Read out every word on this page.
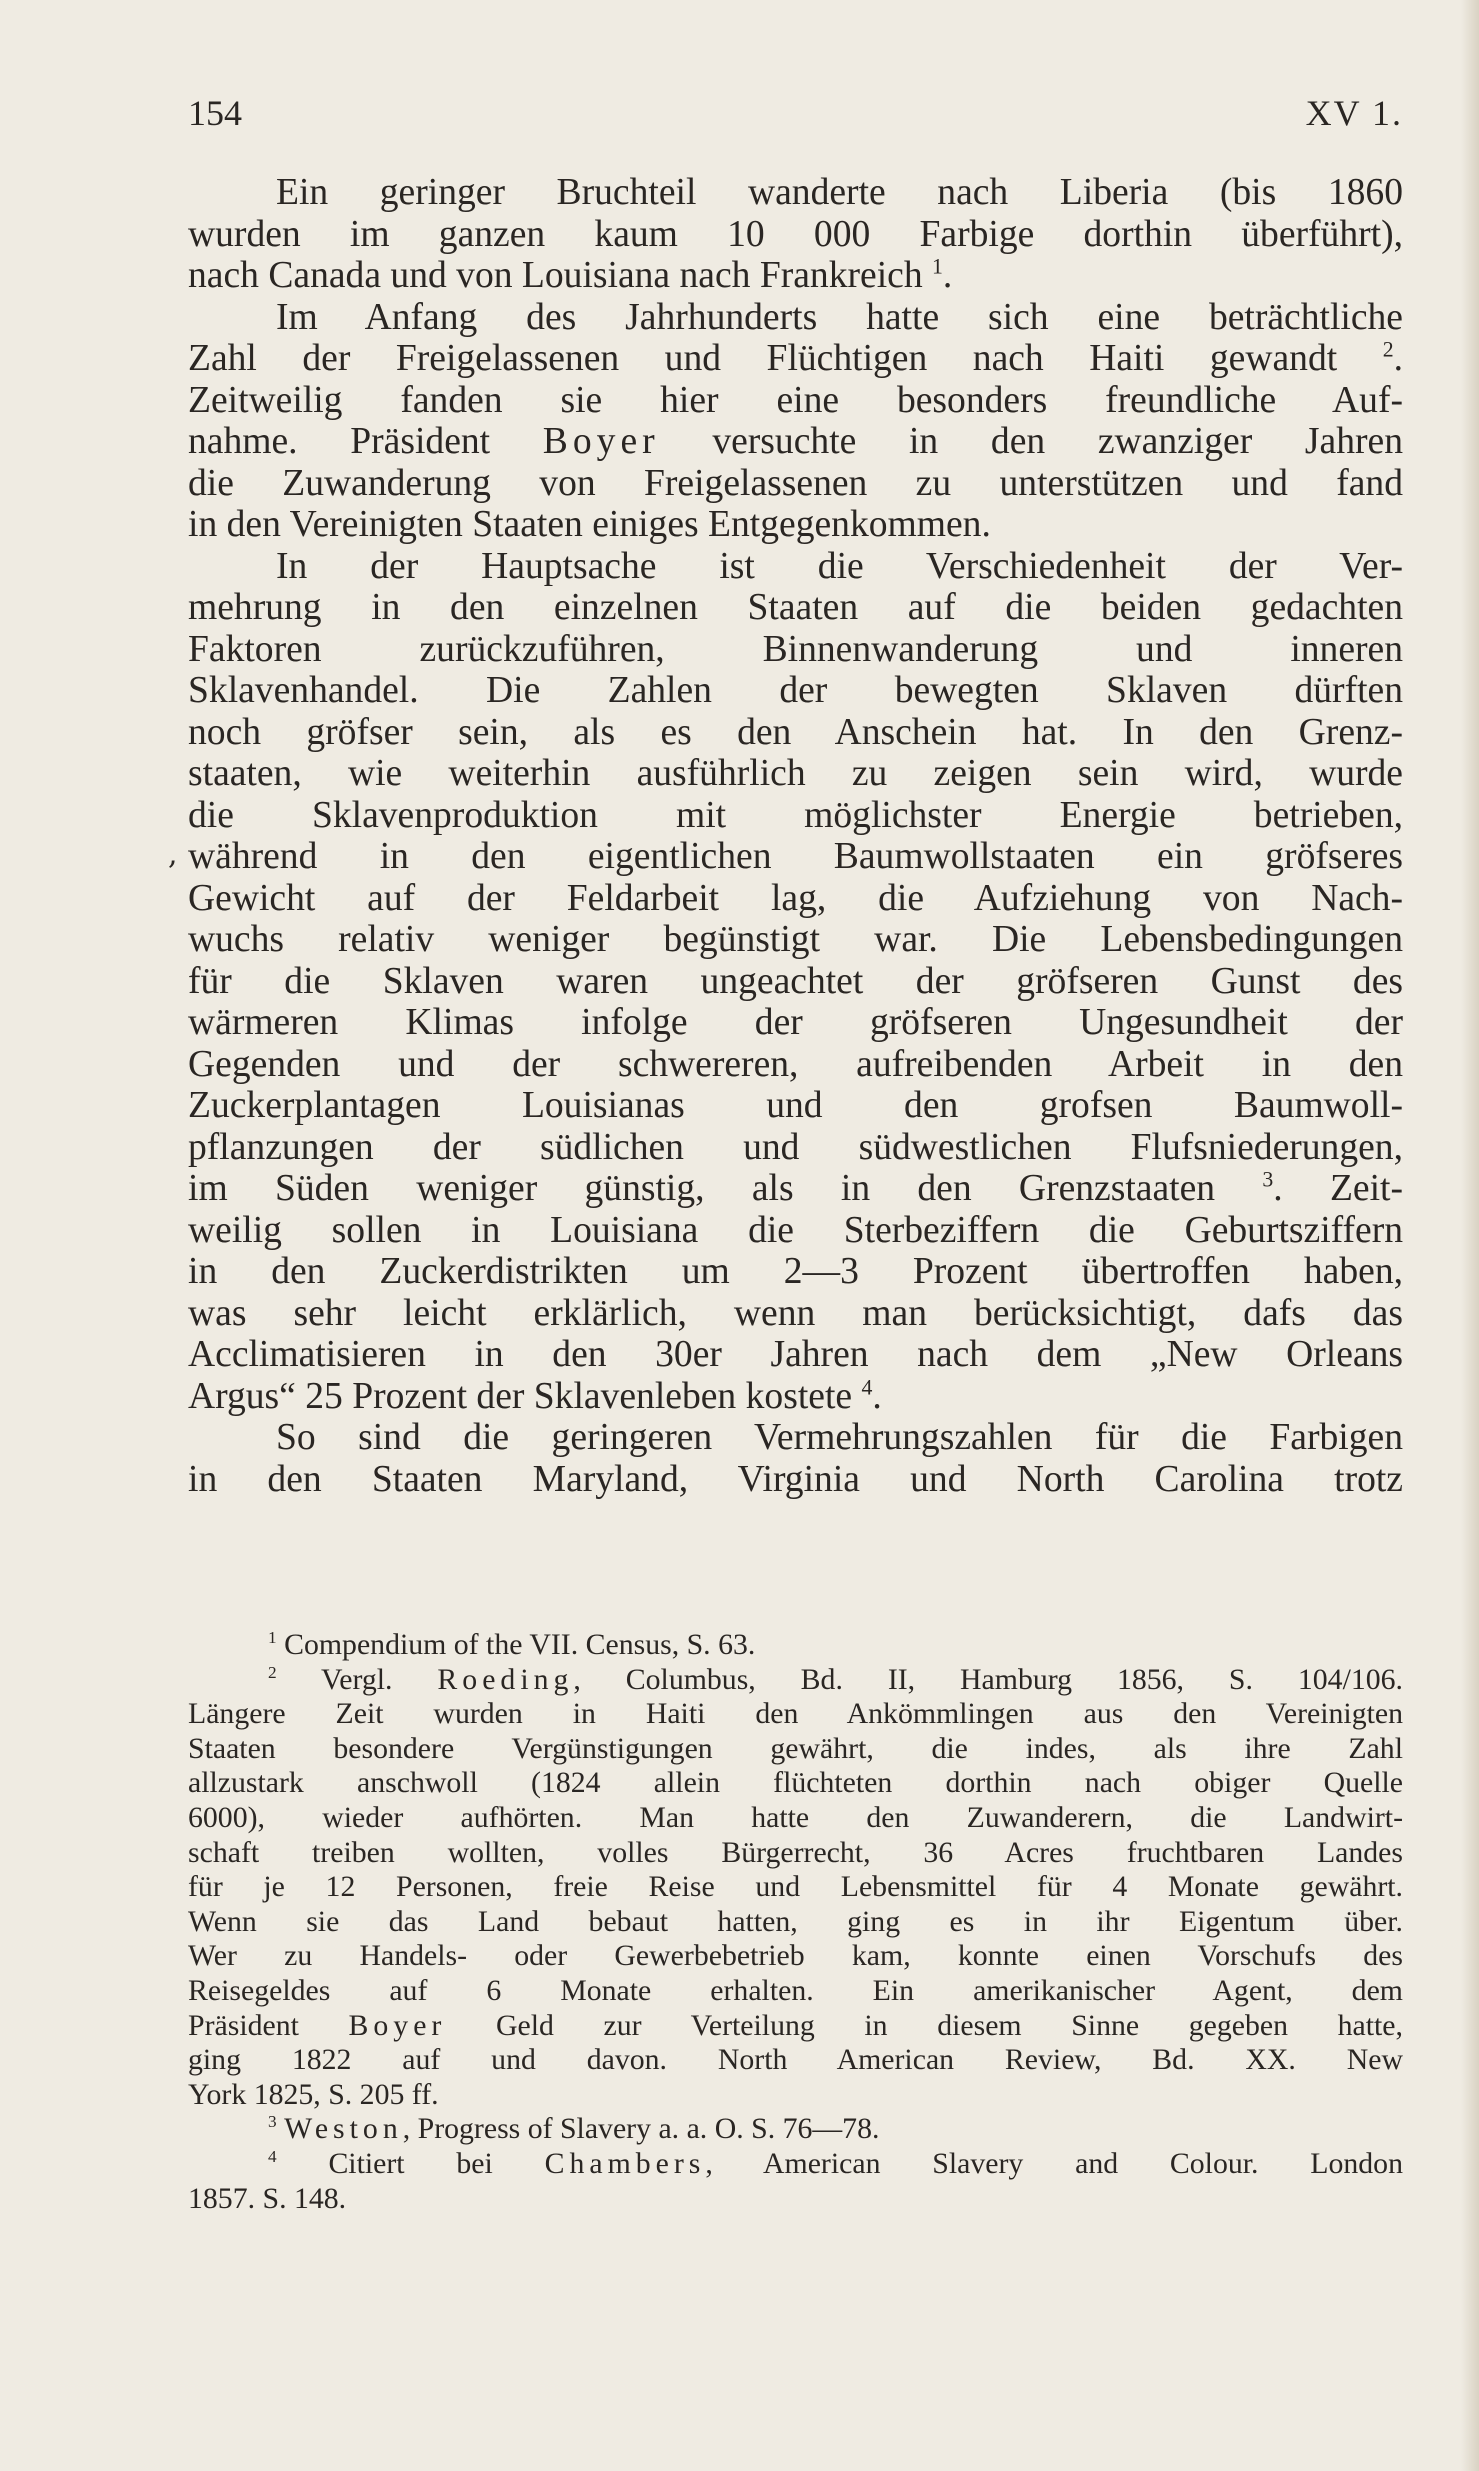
154	XV 1.
,
Ein geringer Bruchteil wanderte nach Liberia (bis 1860
wurden im ganzen kaum 10 000 Farbige dorthin überführt),
nach Canada und von Louisiana nach Frankreich $^1$.
Im Anfang des Jahrhunderts hatte sich eine beträchtliche
Zahl der Freigelassenen und Flüchtigen nach Haiti gewandt $^2$.
Zeitweilig fanden sie hier eine besonders freundliche Auf-
nahme. Präsident Boyer versuchte in den zwanziger Jahren
die Zuwanderung von Freigelassenen zu unterstützen und fand
in den Vereinigten Staaten einiges Entgegenkommen.
In der Hauptsache ist die Verschiedenheit der Ver-
mehrung in den einzelnen Staaten auf die beiden gedachten
Faktoren zurückzuführen, Binnenwanderung und inneren
Sklavenhandel. Die Zahlen der bewegten Sklaven dürften
noch gröfser sein, als es den Anschein hat. In den Grenz-
staaten, wie weiterhin ausführlich zu zeigen sein wird, wurde
die Sklavenproduktion mit möglichster Energie betrieben,
während in den eigentlichen Baumwollstaaten ein gröfseres
Gewicht auf der Feldarbeit lag, die Aufziehung von Nach-
wuchs relativ weniger begünstigt war. Die Lebensbedingungen
für die Sklaven waren ungeachtet der gröfseren Gunst des
wärmeren Klimas infolge der gröfseren Ungesundheit der
Gegenden und der schwereren, aufreibenden Arbeit in den
Zuckerplantagen Louisianas und den grofsen Baumwoll-
pflanzungen der südlichen und südwestlichen Flufsniederungen,
im Süden weniger günstig, als in den Grenzstaaten $^3$. Zeit-
weilig sollen in Louisiana die Sterbeziffern die Geburtsziffern
in den Zuckerdistrikten um 2—3 Prozent übertroffen haben,
was sehr leicht erklärlich, wenn man berücksichtigt, dafs das
Acclimatisieren in den 30er Jahren nach dem „New Orleans
Argus“ 25 Prozent der Sklavenleben kostete $^4$.
So sind die geringeren Vermehrungszahlen für die Farbigen
in den Staaten Maryland, Virginia und North Carolina trotz
$^1$ Compendium of the VII. Census, S. 63.
$^2$ Vergl. Roeding, Columbus, Bd. II, Hamburg 1856, S. 104/106.
Längere Zeit wurden in Haiti den Ankömmlingen aus den Vereinigten
Staaten besondere Vergünstigungen gewährt, die indes, als ihre Zahl
allzustark anschwoll (1824 allein flüchteten dorthin nach obiger Quelle
6000), wieder aufhörten. Man hatte den Zuwanderern, die Landwirt-
schaft treiben wollten, volles Bürgerrecht, 36 Acres fruchtbaren Landes
für je 12 Personen, freie Reise und Lebensmittel für 4 Monate gewährt.
Wenn sie das Land bebaut hatten, ging es in ihr Eigentum über.
Wer zu Handels- oder Gewerbebetrieb kam, konnte einen Vorschufs des
Reisegeldes auf 6 Monate erhalten. Ein amerikanischer Agent, dem
Präsident Boyer Geld zur Verteilung in diesem Sinne gegeben hatte,
ging 1822 auf und davon. North American Review, Bd. XX. New
York 1825, S. 205 ff.
$^3$ Weston, Progress of Slavery a. a. O. S. 76—78.
$^4$ Citiert bei Chambers, American Slavery and Colour. London
1857. S. 148.
